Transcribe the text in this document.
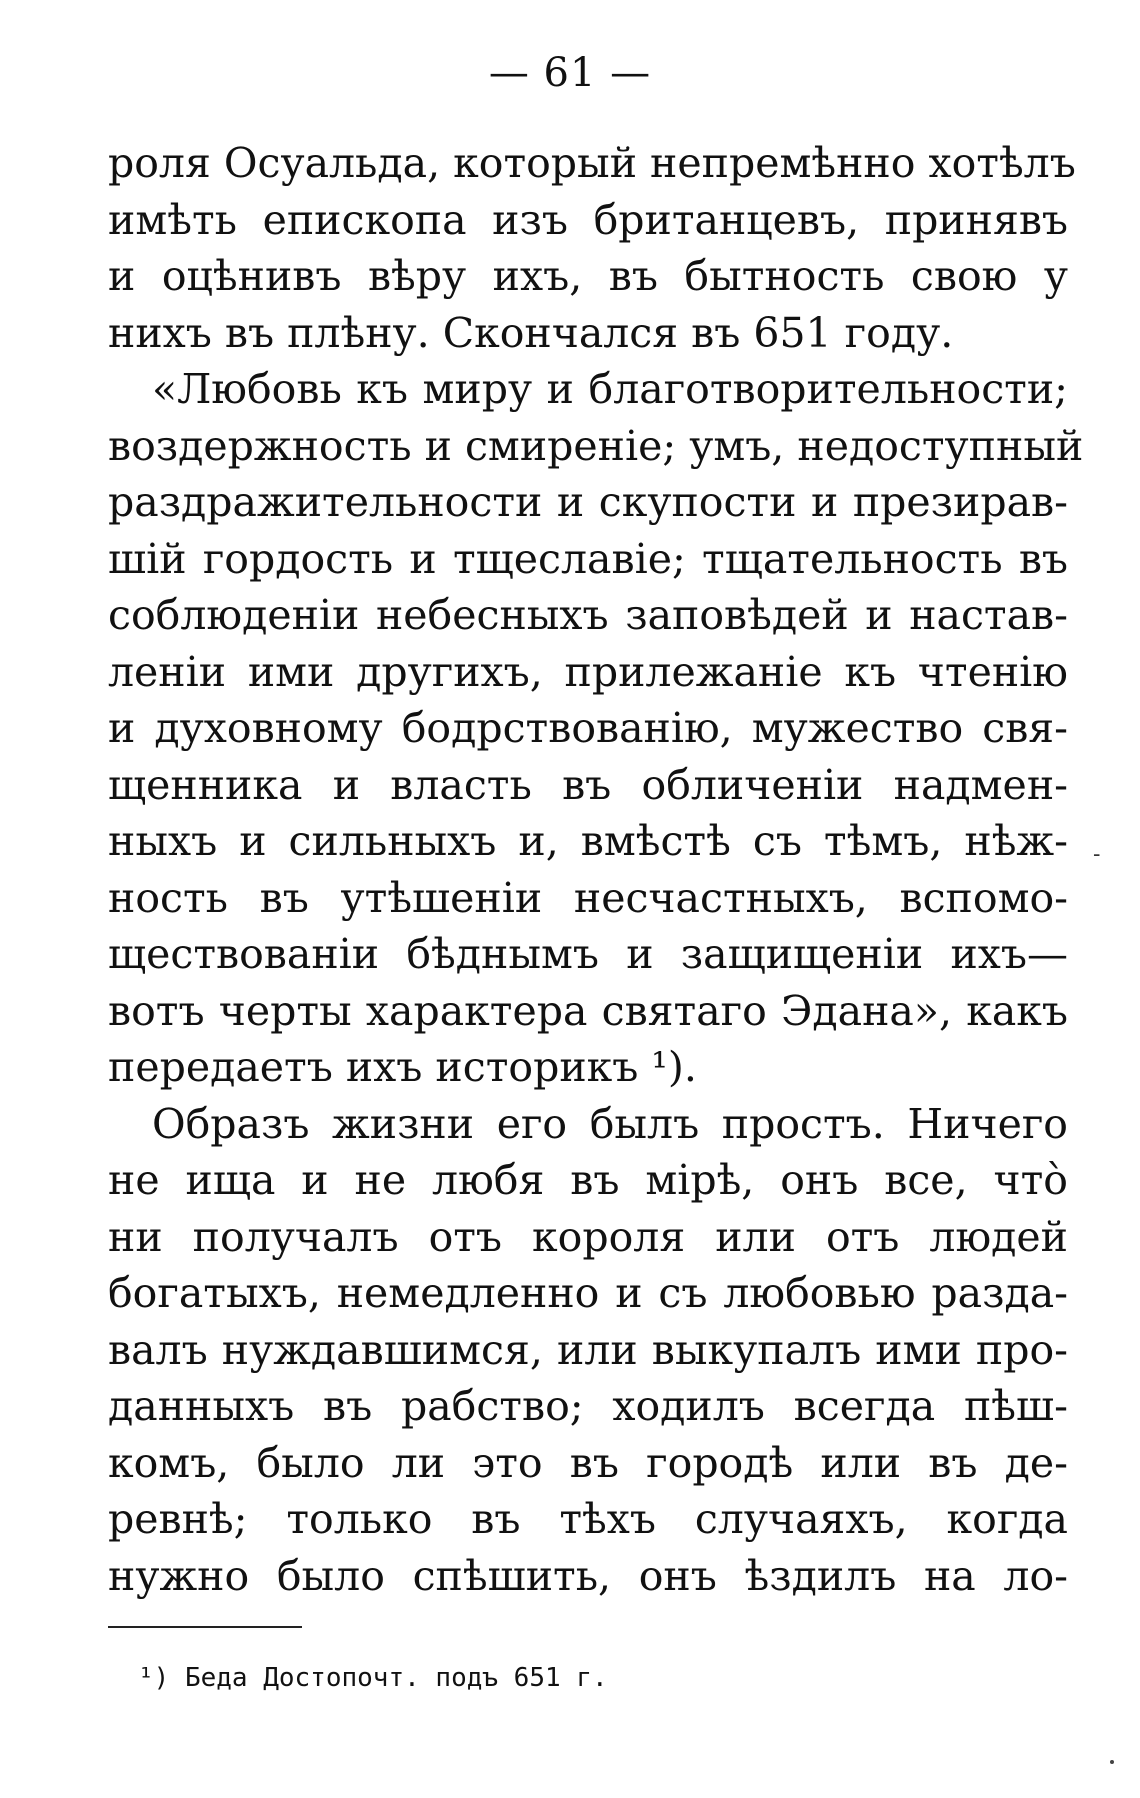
— 61 —
роля Осуальда, который непремѣнно хотѣлъ
имѣть епископа изъ британцевъ, принявъ
и оцѣнивъ вѣру ихъ, въ бытность свою у
нихъ въ плѣну. Скончался въ 651 году.
«Любовь къ миру и благотворительности;
воздержность и смиреніе; умъ, недоступный
раздражительности и скупости и презирав-
шій гордость и тщеславіе; тщательность въ
соблюденіи небесныхъ заповѣдей и настав-
леніи ими другихъ, прилежаніе къ чтенію
и духовному бодрствованію, мужество свя-
щенника и власть въ обличеніи надмен-
ныхъ и сильныхъ и, вмѣстѣ съ тѣмъ, нѣж-
ность въ утѣшеніи несчастныхъ, вспомо-
ществованіи бѣднымъ и защищеніи ихъ—
вотъ черты характера святаго Эдана», какъ
передаетъ ихъ историкъ ¹).
Образъ жизни его былъ простъ. Ничего
не ища и не любя въ мірѣ, онъ все, что̀
ни получалъ отъ короля или отъ людей
богатыхъ, немедленно и съ любовью разда-
валъ нуждавшимся, или выкупалъ ими про-
данныхъ въ рабство; ходилъ всегда пѣш-
комъ, было ли это въ городѣ или въ де-
ревнѣ; только въ тѣхъ случаяхъ, когда
нужно было спѣшить, онъ ѣздилъ на ло-
-
¹) Беда Достопочт. подъ 651 г.
